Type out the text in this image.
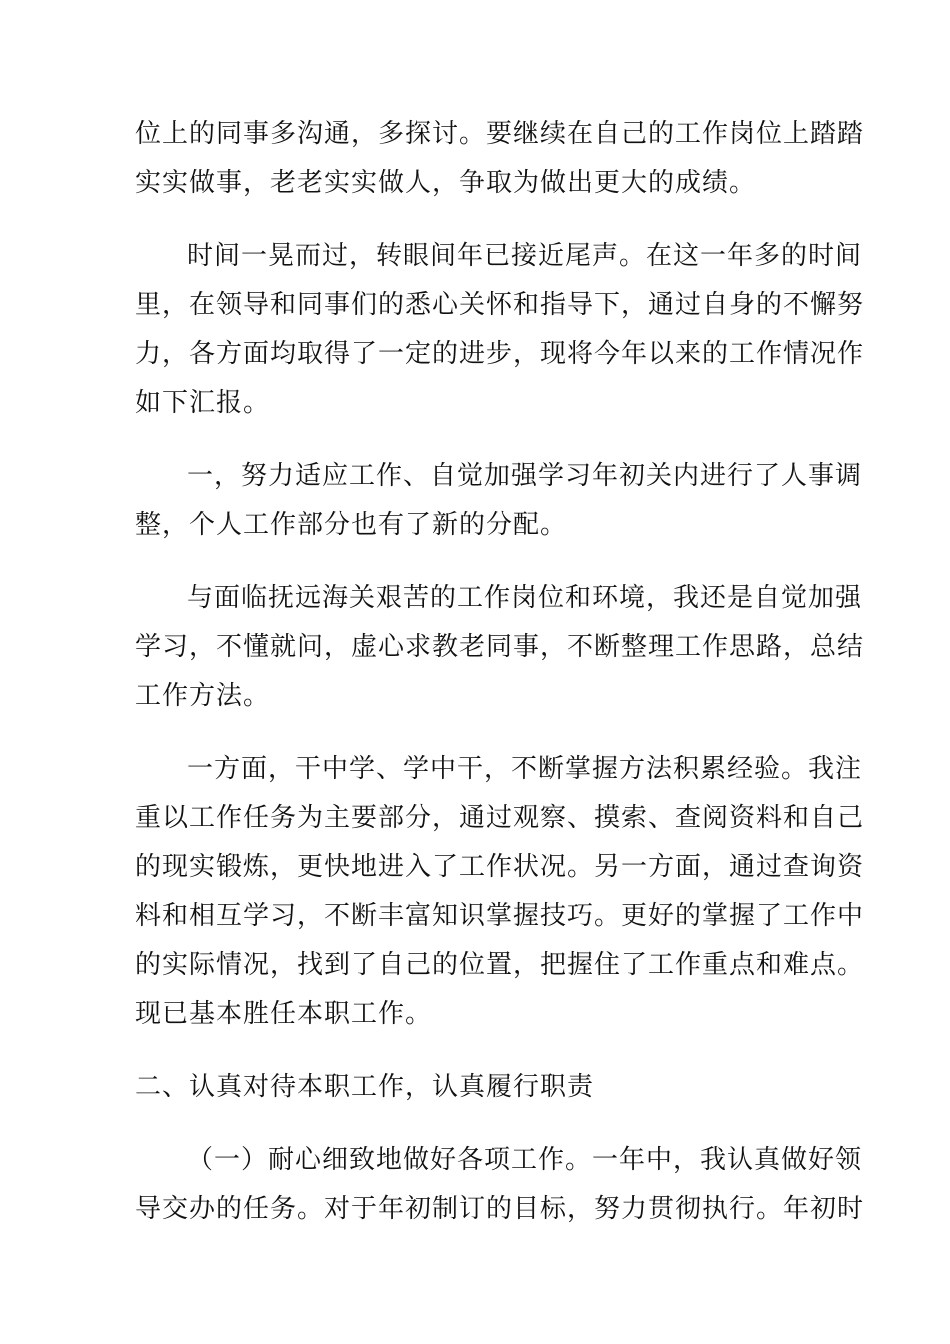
位上的同事多沟通，多探讨。要继续在自己的工作岗位上踏踏
实实做事，老老实实做人，争取为做出更大的成绩。

时间一晃而过，转眼间年已接近尾声。在这一年多的时间
里，在领导和同事们的悉心关怀和指导下，通过自身的不懈努
力，各方面均取得了一定的进步，现将今年以来的工作情况作
如下汇报。

一，努力适应工作、自觉加强学习年初关内进行了人事调
整，个人工作部分也有了新的分配。

与面临抚远海关艰苦的工作岗位和环境，我还是自觉加强
学习，不懂就问，虚心求教老同事，不断整理工作思路，总结
工作方法。

一方面，干中学、学中干，不断掌握方法积累经验。我注
重以工作任务为主要部分，通过观察、摸索、查阅资料和自己
的现实锻炼，更快地进入了工作状况。另一方面，通过查询资
料和相互学习，不断丰富知识掌握技巧。更好的掌握了工作中
的实际情况，找到了自己的位置，把握住了工作重点和难点。
现已基本胜任本职工作。

二、认真对待本职工作，认真履行职责

（一）耐心细致地做好各项工作。一年中，我认真做好领
导交办的任务。对于年初制订的目标，努力贯彻执行。年初时
